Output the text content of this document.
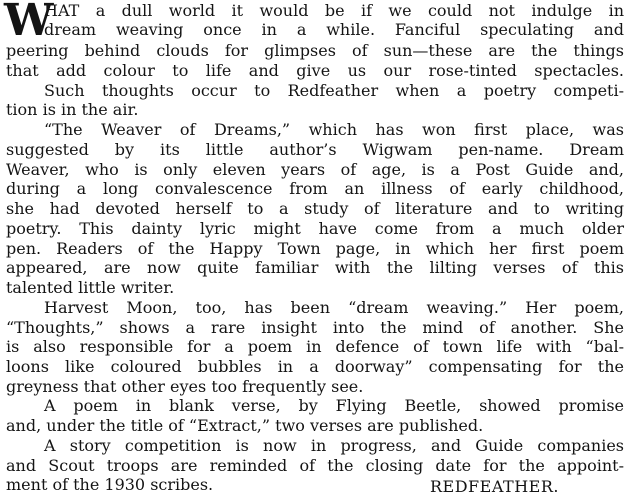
W
HAT a dull world it would be if we could not indulge in
dream weaving once in a while. Fanciful speculating and
peering behind clouds for glimpses of sun—these are the things
that add colour to life and give us our rose-tinted spectacles.
Such thoughts occur to Redfeather when a poetry competi-
tion is in the air.
“The Weaver of Dreams,” which has won first place, was
suggested by its little author’s Wigwam pen-name. Dream
Weaver, who is only eleven years of age, is a Post Guide and,
during a long convalescence from an illness of early childhood,
she had devoted herself to a study of literature and to writing
poetry. This dainty lyric might have come from a much older
pen. Readers of the Happy Town page, in which her first poem
appeared, are now quite familiar with the lilting verses of this
talented little writer.
Harvest Moon, too, has been “dream weaving.” Her poem,
“Thoughts,” shows a rare insight into the mind of another. She
is also responsible for a poem in defence of town life with “bal-
loons like coloured bubbles in a doorway” compensating for the
greyness that other eyes too frequently see.
A poem in blank verse, by Flying Beetle, showed promise
and, under the title of “Extract,” two verses are published.
A story competition is now in progress, and Guide companies
and Scout troops are reminded of the closing date for the appoint-
ment of the 1930 scribes.	REDFEATHER.
